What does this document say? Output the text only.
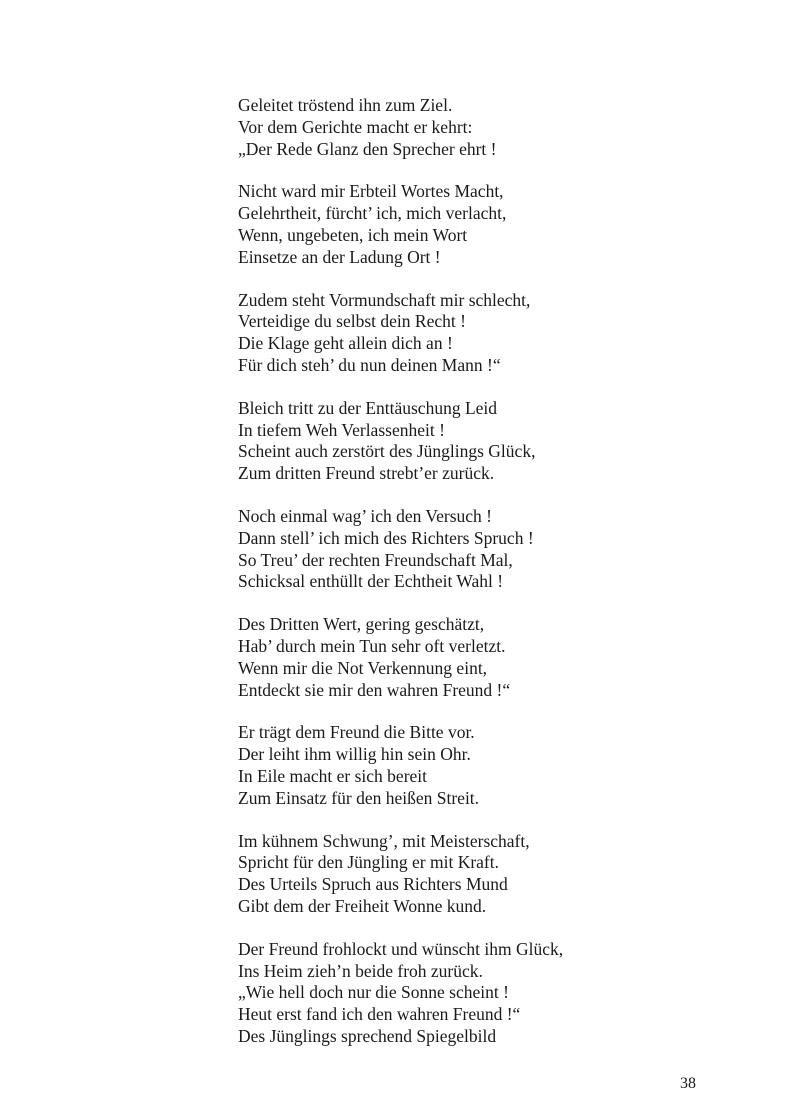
Geleitet tröstend ihn zum Ziel.
Vor dem Gerichte macht er kehrt:
„Der Rede Glanz den Sprecher ehrt !
Nicht ward mir Erbteil Wortes Macht,
Gelehrtheit, fürcht’ ich, mich verlacht,
Wenn, ungebeten, ich mein Wort
Einsetze an der Ladung Ort !
Zudem steht Vormundschaft mir schlecht,
Verteidige du selbst dein Recht !
Die Klage geht allein dich an !
Für dich steh’ du nun deinen Mann !“
Bleich tritt zu der Enttäuschung Leid
In tiefem Weh Verlassenheit !
Scheint auch zerstört des Jünglings Glück,
Zum dritten Freund strebt’er zurück.
Noch einmal wag’ ich den Versuch !
Dann stell’ ich mich des Richters Spruch !
So Treu’ der rechten Freundschaft Mal,
Schicksal enthüllt der Echtheit Wahl !
Des Dritten Wert, gering geschätzt,
Hab’ durch mein Tun sehr oft verletzt.
Wenn mir die Not Verkennung eint,
Entdeckt sie mir den wahren Freund !“
Er trägt dem Freund die Bitte vor.
Der leiht ihm willig hin sein Ohr.
In Eile macht er sich bereit
Zum Einsatz für den heißen Streit.
Im kühnem Schwung’, mit Meisterschaft,
Spricht für den Jüngling er mit Kraft.
Des Urteils Spruch aus Richters Mund
Gibt dem der Freiheit Wonne kund.
Der Freund frohlockt und wünscht ihm Glück,
Ins Heim zieh’n beide froh zurück.
„Wie hell doch nur die Sonne scheint !
Heut erst fand ich den wahren Freund !“
Des Jünglings sprechend Spiegelbild
38
